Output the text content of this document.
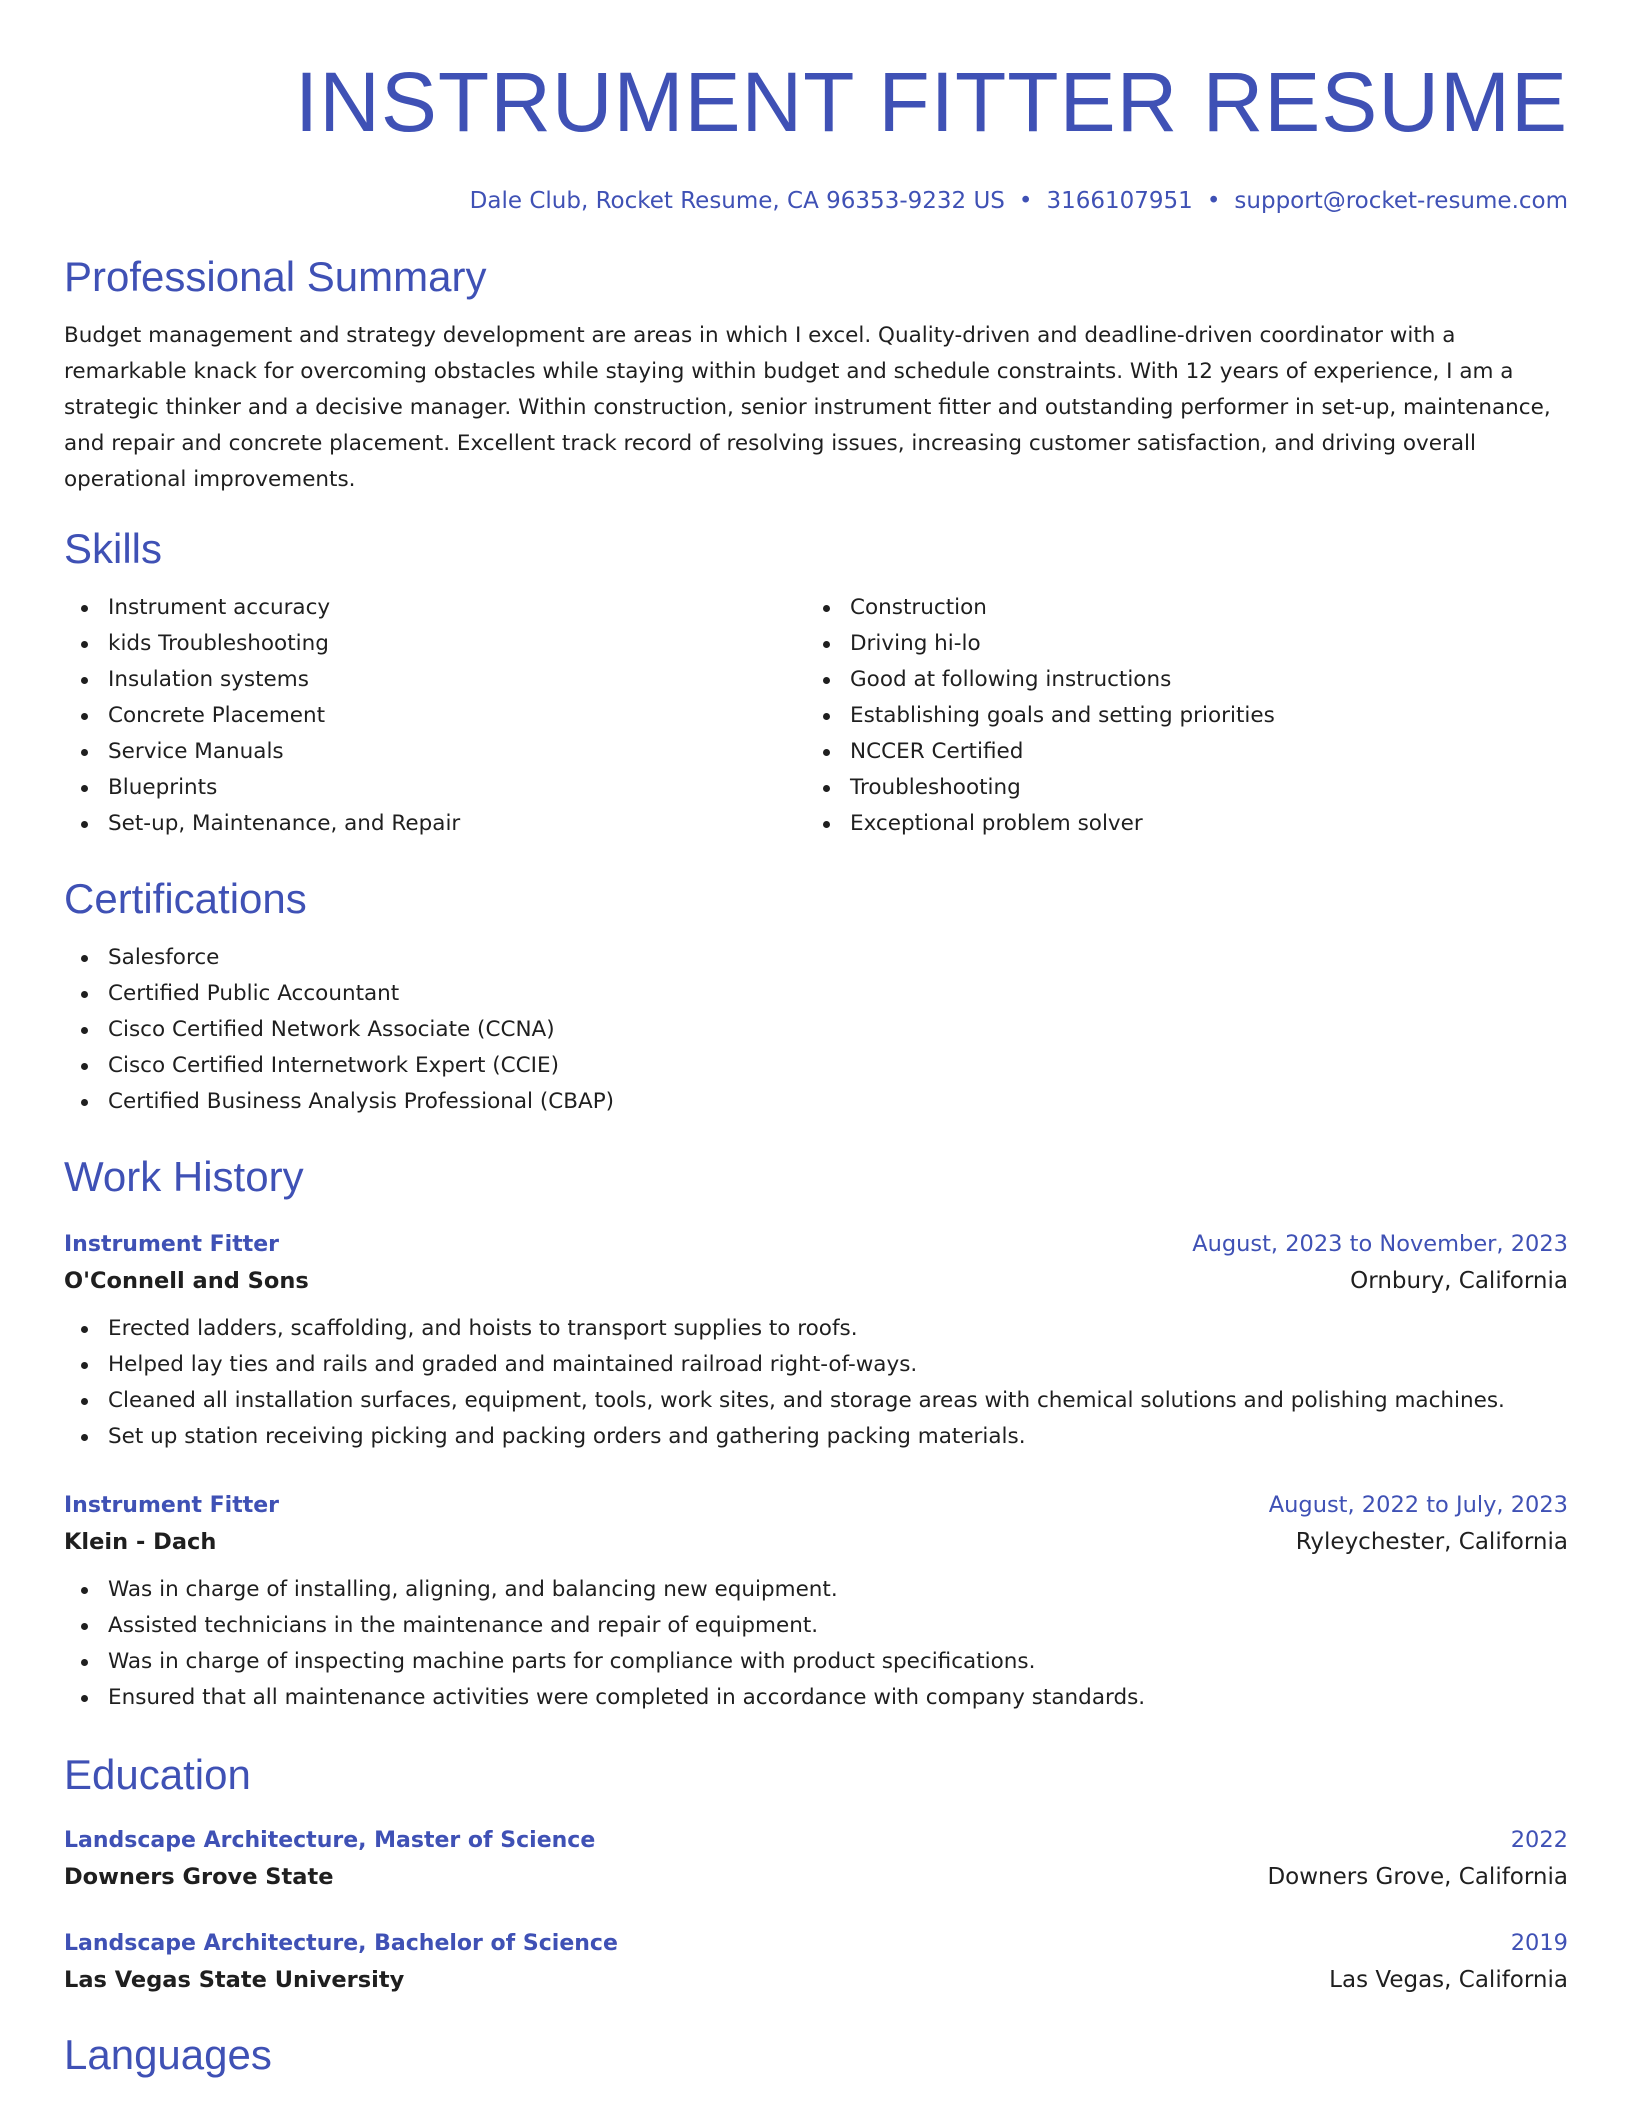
INSTRUMENT FITTER RESUME
Dale Club, Rocket Resume, CA 96353-9232 US • 3166107951 • support@rocket-resume.com
Professional Summary
Budget management and strategy development are areas in which I excel. Quality-driven and deadline-driven coordinator with a remarkable knack for overcoming obstacles while staying within budget and schedule constraints. With 12 years of experience, I am a strategic thinker and a decisive manager. Within construction, senior instrument fitter and outstanding performer in set-up, maintenance, and repair and concrete placement. Excellent track record of resolving issues, increasing customer satisfaction, and driving overall operational improvements.
Skills
Instrument accuracy
kids Troubleshooting
Insulation systems
Concrete Placement
Service Manuals
Blueprints
Set-up, Maintenance, and Repair
Construction
Driving hi-lo
Good at following instructions
Establishing goals and setting priorities
NCCER Certified
Troubleshooting
Exceptional problem solver
Certifications
Salesforce
Certified Public Accountant
Cisco Certified Network Associate (CCNA)
Cisco Certified Internetwork Expert (CCIE)
Certified Business Analysis Professional (CBAP)
Work History
Instrument Fitter	August, 2023 to November, 2023
O'Connell and Sons	Ornbury, California
Erected ladders, scaffolding, and hoists to transport supplies to roofs.
Helped lay ties and rails and graded and maintained railroad right-of-ways.
Cleaned all installation surfaces, equipment, tools, work sites, and storage areas with chemical solutions and polishing machines.
Set up station receiving picking and packing orders and gathering packing materials.
Instrument Fitter	August, 2022 to July, 2023
Klein - Dach	Ryleychester, California
Was in charge of installing, aligning, and balancing new equipment.
Assisted technicians in the maintenance and repair of equipment.
Was in charge of inspecting machine parts for compliance with product specifications.
Ensured that all maintenance activities were completed in accordance with company standards.
Education
Landscape Architecture, Master of Science	2022
Downers Grove State	Downers Grove, California
Landscape Architecture, Bachelor of Science	2019
Las Vegas State University	Las Vegas, California
Languages
